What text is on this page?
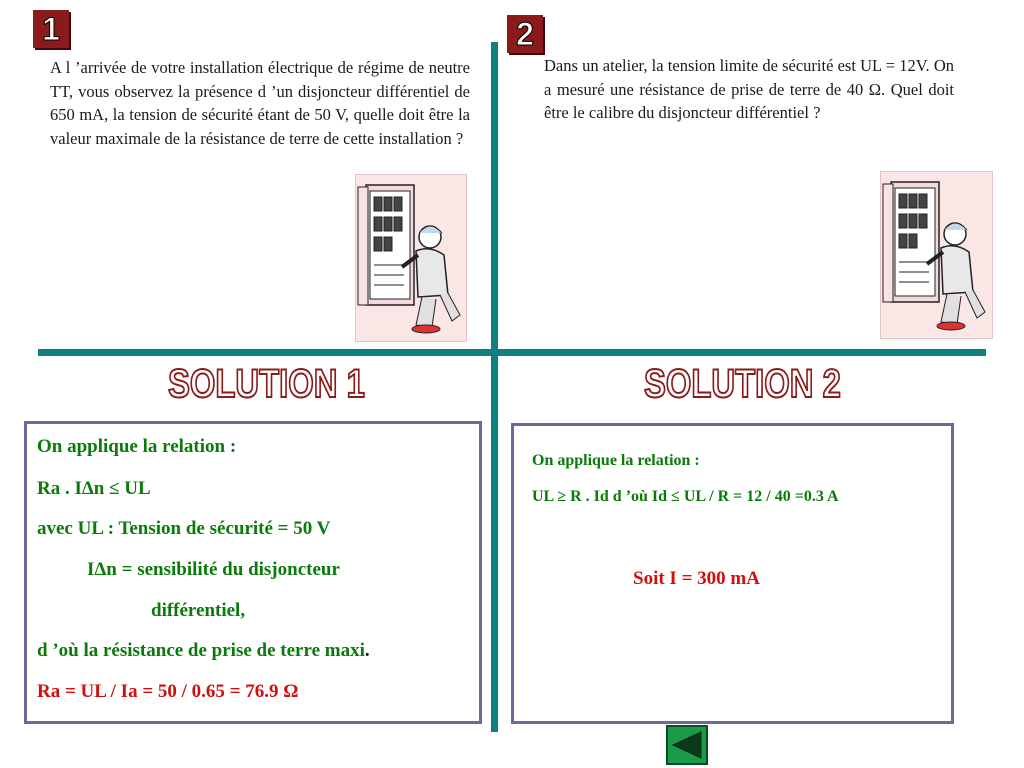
1	2
A l ’arrivée de votre installation électrique de régime de neutre TT, vous observez la présence d ’un disjoncteur différentiel de 650 mA, la tension de sécurité étant de 50 V, quelle doit être la valeur maximale de la résistance de terre de cette installation ?
Dans un atelier, la tension limite de sécurité est UL = 12V. On a mesuré une résistance de prise de terre de 40 Ω. Quel doit être le calibre du disjoncteur différentiel ?
SOLUTION 1	SOLUTION 2
On applique la relation :
Ra . IΔn ≤ UL
avec UL : Tension de sécurité = 50 V
IΔn = sensibilité du disjoncteur
différentiel,
d ’où la résistance de prise de terre maxi.
Ra = UL / Ia = 50 / 0.65 = 76.9 Ω
On applique la relation :
UL ≥ R . Id d ’où Id ≤ UL / R = 12 / 40 =0.3 A
Soit I = 300 mA
